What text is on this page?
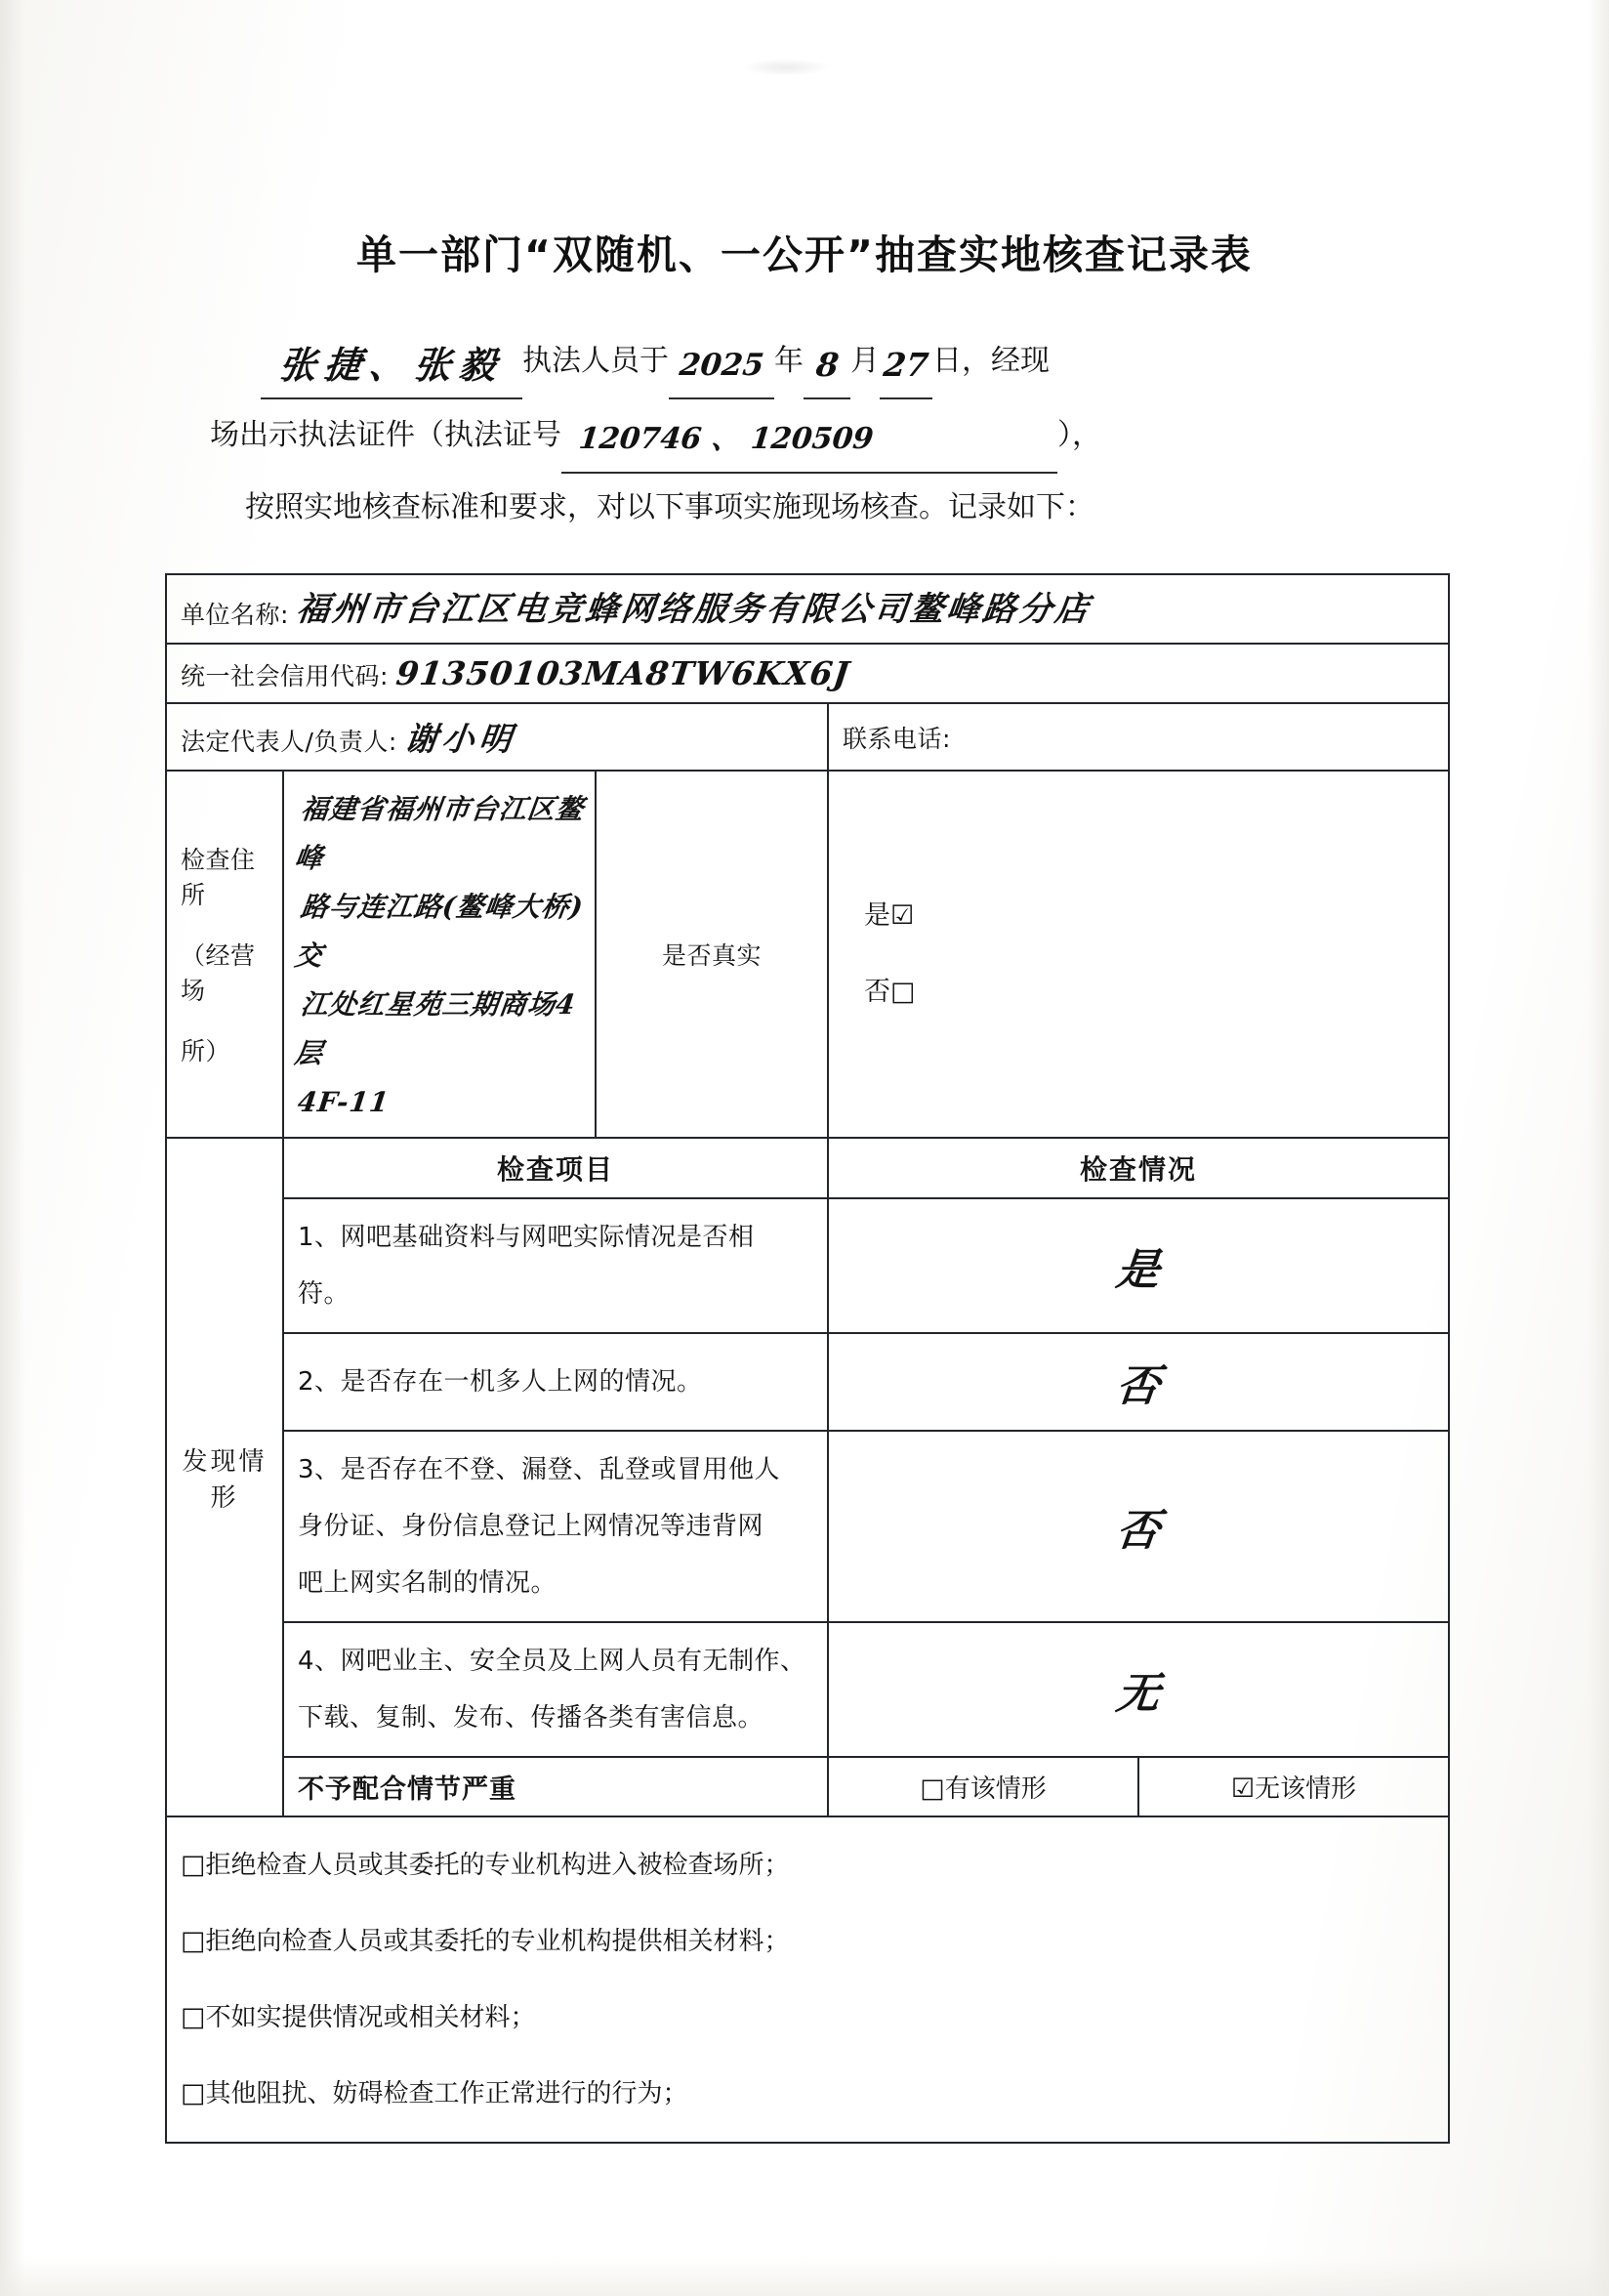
单一部门“双随机、一公开”抽查实地核查记录表
张捷、张毅 执法人员于 2025 年 8 月 27 日，经现
场出示执法证件（执法证号 120746 、 120509	），
按照实地核查标准和要求，对以下事项实施现场核查。记录如下：
单位名称: 福州市台江区电竞蜂网络服务有限公司鳌峰路分店				
统一社会信用代码: 91350103MA8TW6KX6J				
法定代表人/负责人: 谢小明			联系电话:	

检查住所
（经营场
所）

福建省福州市台江区鳌峰
路与连江路(鳌峰大桥)交
江处红星苑三期商场4层
4F-11
	是否真实	
是☑
否□

发现情形	检查项目		检查情况	

	1、网吧基础资料与网吧实际情况是否相
符。		是	

	2、是否存在一机多人上网的情况。		否	

	3、是否存在不登、漏登、乱登或冒用他人
身份证、身份信息登记上网情况等违背网
吧上网实名制的情况。		否	

	4、网吧业主、安全员及上网人员有无制作、
下载、复制、发布、传播各类有害信息。		无	
	不予配合情节严重		□有该情形	☑无该情形

□拒绝检查人员或其委托的专业机构进入被检查场所；
□拒绝向检查人员或其委托的专业机构提供相关材料；
□不如实提供情况或相关材料；
□其他阻扰、妨碍检查工作正常进行的行为；				
